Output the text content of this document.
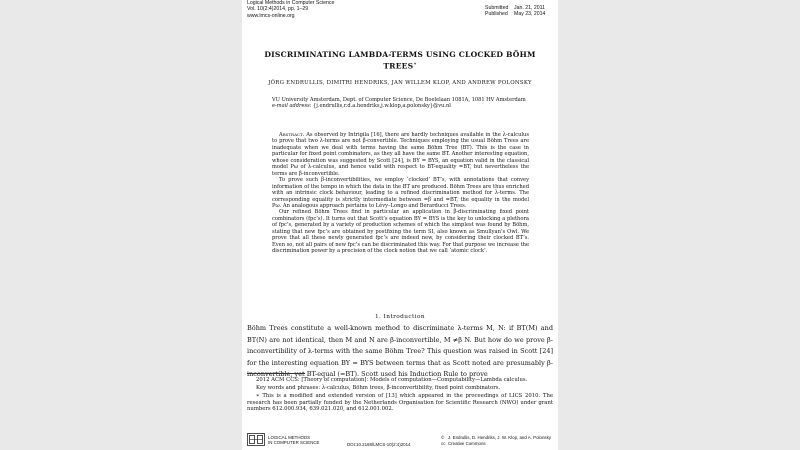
Logical Methods in Computer Science
Vol. 10(2:4)2014, pp. 1–29
www.lmcs-online.org
Submitted Jan. 21, 2011
Published May 23, 2014
DISCRIMINATING LAMBDA-TERMS USING CLOCKED BÖHM
TREES∗
JÖRG ENDRULLIS, DIMITRI HENDRIKS, JAN WILLEM KLOP, AND ANDREW POLONSKY
VU University Amsterdam, Dept. of Computer Science, De Boelelaan 1081A, 1081 HV Amsterdam
e-mail address: {j.endrullis,r.d.a.hendriks,j.w.klop,a.polonsky}@vu.nl

Abstract. As observed by Intrigila [16], there are hardly techniques available in the λ-calculus to prove that two λ-terms are not β-convertible. Techniques employing the usual Böhm Trees are inadequate when we deal with terms having the same Böhm Tree (BT). This is the case in particular for fixed point combinators, as they all have the same BT. Another interesting equation, whose consideration was suggested by Scott [24], is BY = BYS, an equation valid in the classical model Pω of λ-calculus, and hence valid with respect to BT-equality =BT, but nevertheless the terms are β-inconvertible.

To prove such β-inconvertibilities, we employ ‘clocked’ BT’s, with annotations that convey information of the tempo in which the data in the BT are produced. Böhm Trees are thus enriched with an intrinsic clock behaviour, leading to a refined discrimination method for λ-terms. The corresponding equality is strictly intermediate between =β and =BT, the equality in the model Pω. An analogous approach pertains to Lévy–Longo and Berarducci Trees.

Our refined Böhm Trees find in particular an application in β-discriminating fixed point combinators (fpc’s). It turns out that Scott’s equation BY = BYS is the key to unlocking a plethora of fpc’s, generated by a variety of production schemes of which the simplest was found by Böhm, stating that new fpc’s are obtained by postfixing the term SI, also known as Smullyan’s Owl. We prove that all these newly generated fpc’s are indeed new, by considering their clocked BT’s. Even so, not all pairs of new fpc’s can be discriminated this way. For that purpose we increase the discrimination power by a precision of the clock notion that we call ‘atomic clock’.

1. Introduction

Böhm Trees constitute a well-known method to discriminate λ-terms M, N: if BT(M) and BT(N) are not identical, then M and N are β-inconvertible, M ≠β N. But how do we prove β-inconvertibility of λ-terms with the same Böhm Tree? This question was raised in Scott [24] for the interesting equation BY = BYS between terms that as Scott noted are presumably β-inconvertible, yet BT-equal (=BT). Scott used his Induction Rule to prove

2012 ACM CCS: [Theory of computation]: Models of computation—Computability—Lambda calculus.

Key words and phrases: λ-calculus, Böhm trees, β-inconvertibility, fixed point combinators.

∗ This is a modified and extended version of [13] which appeared in the proceedings of LICS 2010. The research has been partially funded by the Netherlands Organisation for Scientific Research (NWO) under grant numbers 612.000.934, 639.021.020, and 612.001.002.

LOGICAL METHODS
IN COMPUTER SCIENCE	DOI:10.2168/LMCS-10(2:4)2014
© J. Endrullis, D. Hendriks, J. W. Klop, and A. Polonsky
cc Creative Commons
